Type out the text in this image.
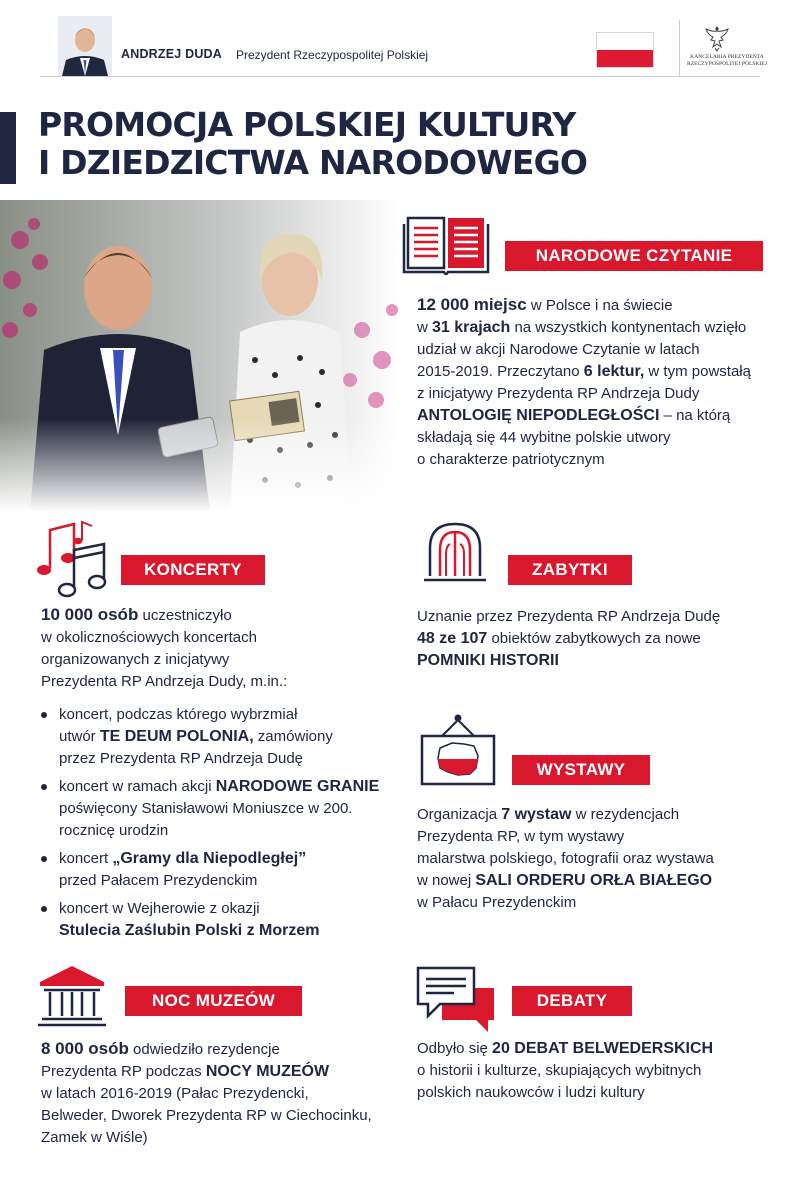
ANDRZEJ DUDA Prezydent Rzeczypospolitej Polskiej	KANCELARIA PREZYDENTA
RZECZYPOSPOLITEJ POLSKIEJ
PROMOCJA POLSKIEJ KULTURY
I DZIEDZICTWA NARODOWEGO
NARODOWE CZYTANIE
12 000 miejsc w Polsce i na świecie
w 31 krajach na wszystkich kontynentach wzięło
udział w akcji Narodowe Czytanie w latach
2015-2019. Przeczytano 6 lektur, w tym powstałą
z inicjatywy Prezydenta RP Andrzeja Dudy
ANTOLOGIĘ NIEPODLEGŁOŚCI – na którą
składają się 44 wybitne polskie utwory
o charakterze patriotycznym
KONCERTY
10 000 osób uczestniczyło
w okolicznościowych koncertach
organizowanych z inicjatywy
Prezydenta RP Andrzeja Dudy, m.in.:
koncert, podczas którego wybrzmiał
utwór TE DEUM POLONIA, zamówiony
przez Prezydenta RP Andrzeja Dudę
koncert w ramach akcji NARODOWE GRANIE
poświęcony Stanisławowi Moniuszce w 200.
rocznicę urodzin
koncert „Gramy dla Niepodległej”
przed Pałacem Prezydenckim
koncert w Wejherowie z okazji
Stulecia Zaślubin Polski z Morzem
ZABYTKI
Uznanie przez Prezydenta RP Andrzeja Dudę
48 ze 107 obiektów zabytkowych za nowe
POMNIKI HISTORII
WYSTAWY
Organizacja 7 wystaw w rezydencjach
Prezydenta RP, w tym wystawy
malarstwa polskiego, fotografii oraz wystawa
w nowej SALI ORDERU ORŁA BIAŁEGO
w Pałacu Prezydenckim
NOC MUZEÓW
8 000 osób odwiedziło rezydencje
Prezydenta RP podczas NOCY MUZEÓW
w latach 2016-2019 (Pałac Prezydencki,
Belweder, Dworek Prezydenta RP w Ciechocinku,
Zamek w Wiśle)
DEBATY
Odbyło się 20 DEBAT BELWEDERSKICH
o historii i kulturze, skupiających wybitnych
polskich naukowców i ludzi kultury
